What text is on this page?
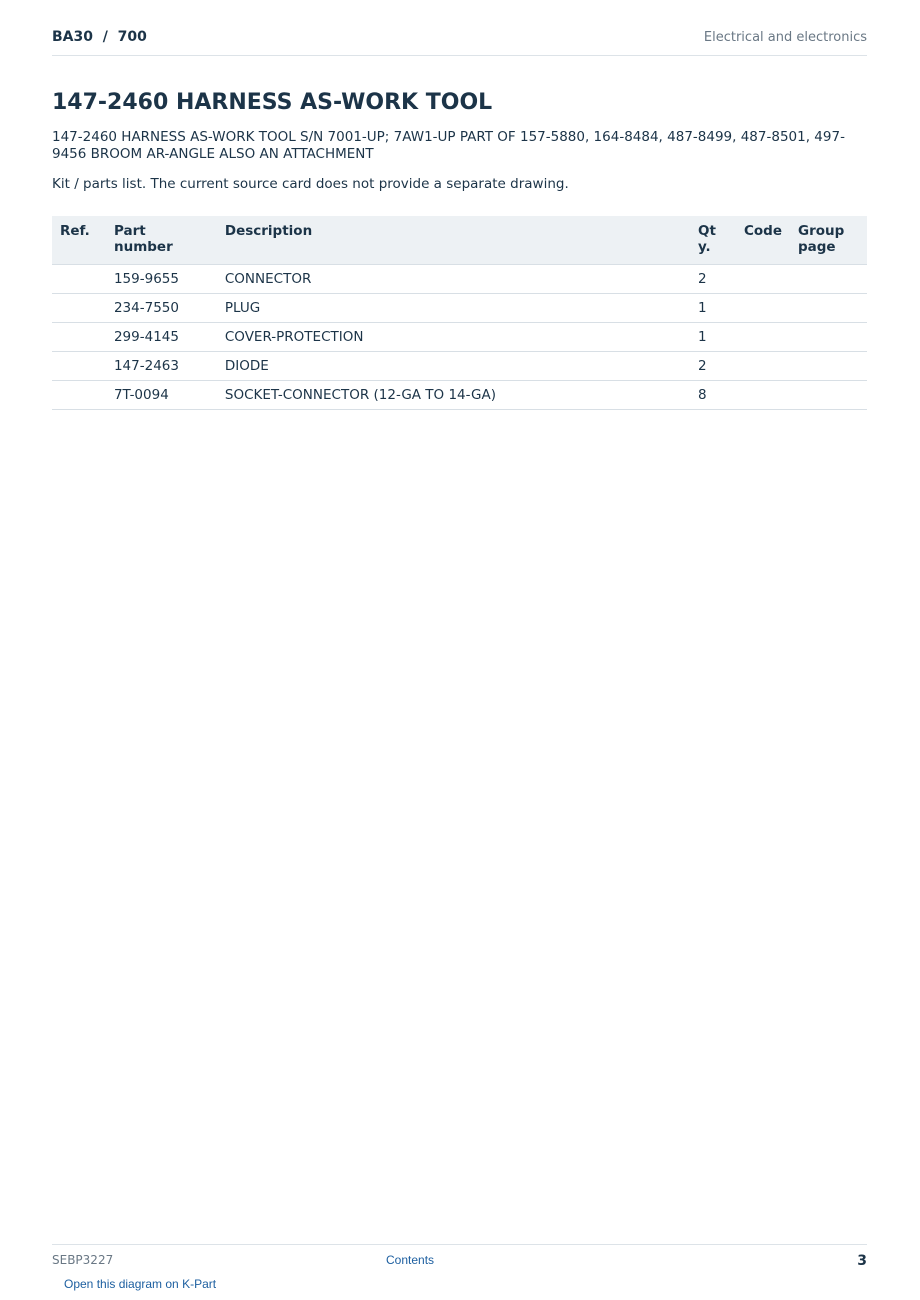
BA30  /  700	Electrical and electronics
147-2460 HARNESS AS-WORK TOOL

147-2460 HARNESS AS-WORK TOOL S/N 7001-UP; 7AW1-UP PART OF 157-5880, 164-8484, 487-8499, 487-8501, 497-9456 BROOM AR-ANGLE ALSO AN ATTACHMENT

Kit / parts list. The current source card does not provide a separate drawing.

Ref.	Part number	Description	Qty.	Code	Group page
	159-9655	CONNECTOR	2		
	234-7550	PLUG	1		
	299-4145	COVER-PROTECTION	1		
	147-2463	DIODE	2		
	7T-0094	SOCKET-CONNECTOR (12-GA TO 14-GA)	8		
SEBP3227	Contents	3
Open this diagram on K-Part
